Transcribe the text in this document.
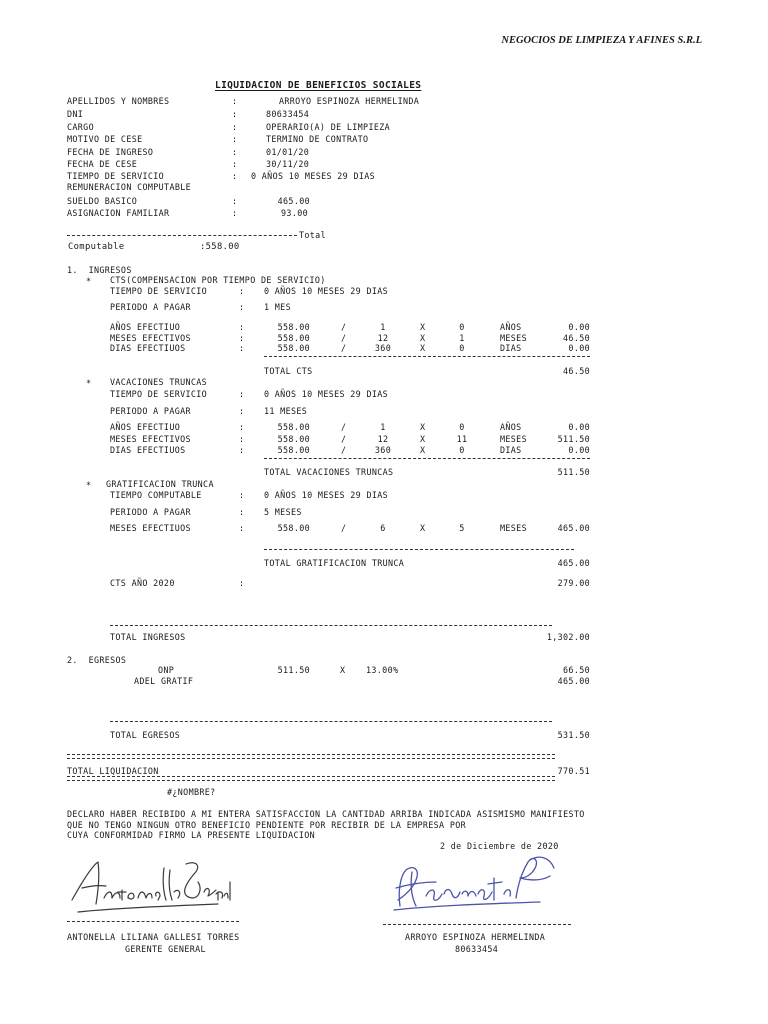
NEGOCIOS DE LIMPIEZA Y AFINES S.R.L
LIQUIDACION DE BENEFICIOS SOCIALES
APELLIDOS Y NOMBRES	:	ARROYO ESPINOZA HERMELINDA
DNI	:	80633454
CARGO	:	OPERARIO(A) DE LIMPIEZA
MOTIVO DE CESE	:	TERMINO DE CONTRATO
FECHA DE INGRESO	:	01/01/20
FECHA DE CESE	:	30/11/20
TIEMPO DE SERVICIO	: 0 AÑOS 10 MESES 29 DIAS
REMUNERACION COMPUTABLE
SUELDO BASICO	:	465.00
ASIGNACION FAMILIAR	:	93.00
Total
Computable	:558.00
1.  INGRESOS
* CTS(COMPENSACION POR TIEMPO DE SERVICIO)
TIEMPO DE SERVICIO	: 0 AÑOS 10 MESES 29 DIAS
PERIODO A PAGAR	: 1 MES
AÑOS EFECTIUO	:	558.00	/	1	X	0	AÑOS	0.00
MESES EFECTIVOS	:	558.00	/	12	X	1	MESES	46.50
DIAS EFECTIUOS	:	558.00	/	360	X	0	DIAS	0.00
TOTAL CTS	46.50
* VACACIONES TRUNCAS
TIEMPO DE SERVICIO	: 0 AÑOS 10 MESES 29 DIAS
PERIODO A PAGAR	: 11 MESES
AÑOS EFECTIUO	:	558.00	/	1	X	0	AÑOS	0.00
MESES EFECTIVOS	:	558.00	/	12	X	11	MESES	511.50
DIAS EFECTIUOS	:	558.00	/	360	X	0	DIAS	0.00
TOTAL VACACIONES TRUNCAS	511.50
* GRATIFICACION TRUNCA
TIEMPO COMPUTABLE	: 0 AÑOS 10 MESES 29 DIAS
PERIODO A PAGAR	: 5 MESES
MESES EFECTIUOS	:	558.00	/	6	X	5	MESES	465.00
TOTAL GRATIFICACION TRUNCA	465.00
CTS AÑO 2020	:	279.00
TOTAL INGRESOS	1,302.00
2.  EGRESOS
ONP	511.50	X 13.00%	66.50
ADEL GRATIF	465.00
TOTAL EGRESOS	531.50
TOTAL LIQUIDACION	770.51
#¿NOMBRE?
DECLARO HABER RECIBIDO A MI ENTERA SATISFACCION LA CANTIDAD ARRIBA INDICADA ASISMISMO MANIFIESTO
QUE NO TENGO NINGUN OTRO BENEFICIO PENDIENTE POR RECIBIR DE LA EMPRESA POR
CUYA CONFORMIDAD FIRMO LA PRESENTE LIQUIDACION
2 de Diciembre de 2020
ANTONELLA LILIANA GALLESI TORRES
GERENTE GENERAL
ARROYO ESPINOZA HERMELINDA
80633454
